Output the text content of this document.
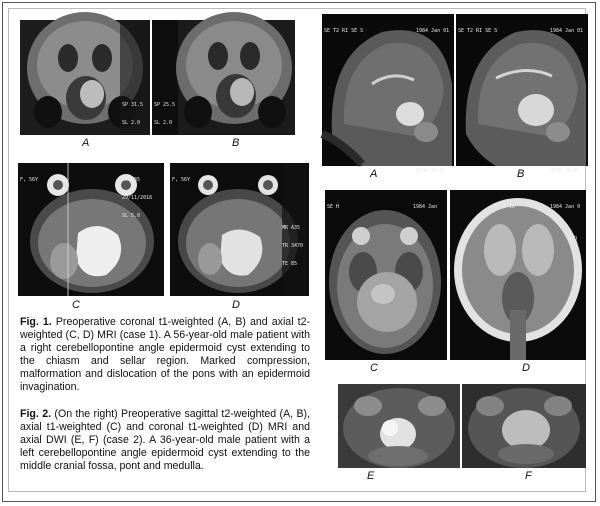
SP 31.5

SL 2.0

A

SP 25.5

SL 2.0

B

F, 56Y

	MR A35

29/11/2016

SL 5.0

C

F, 56Y

MR A35

TR 3470

TE 85

D
Fig. 1. Preoperative coronal t1-weighted (A, B) and axial t2-weighted (C, D) MRI (case 1). A 56-year-old male patient with a right cerebellopontine angle epidermoid cyst extending to the chiasm and sellar region. Marked compression, malformation and dislocation of the pons with an epidermoid invagination.
Fig. 2. (On the right) Preoperative sagittal t2-weighted (A, B), axial t1-weighted (C) and coronal t1-weighted (D) MRI and axial DWI (E, F) (case 2). A 36-year-old male patient with a left cerebellopontine angle epidermoid cyst extending to the middle cranial fossa, pont and medulla.

SE T2 RI SE S

	1984 Jan 01

DFOV 24.0

A

SE T2 RI SE S

	1984 Jan 01

DFOV 24.0

B

SE H

	1984 Jan

C

PG R-IR

	1984 Jan 0

ACQ

D
E	F
